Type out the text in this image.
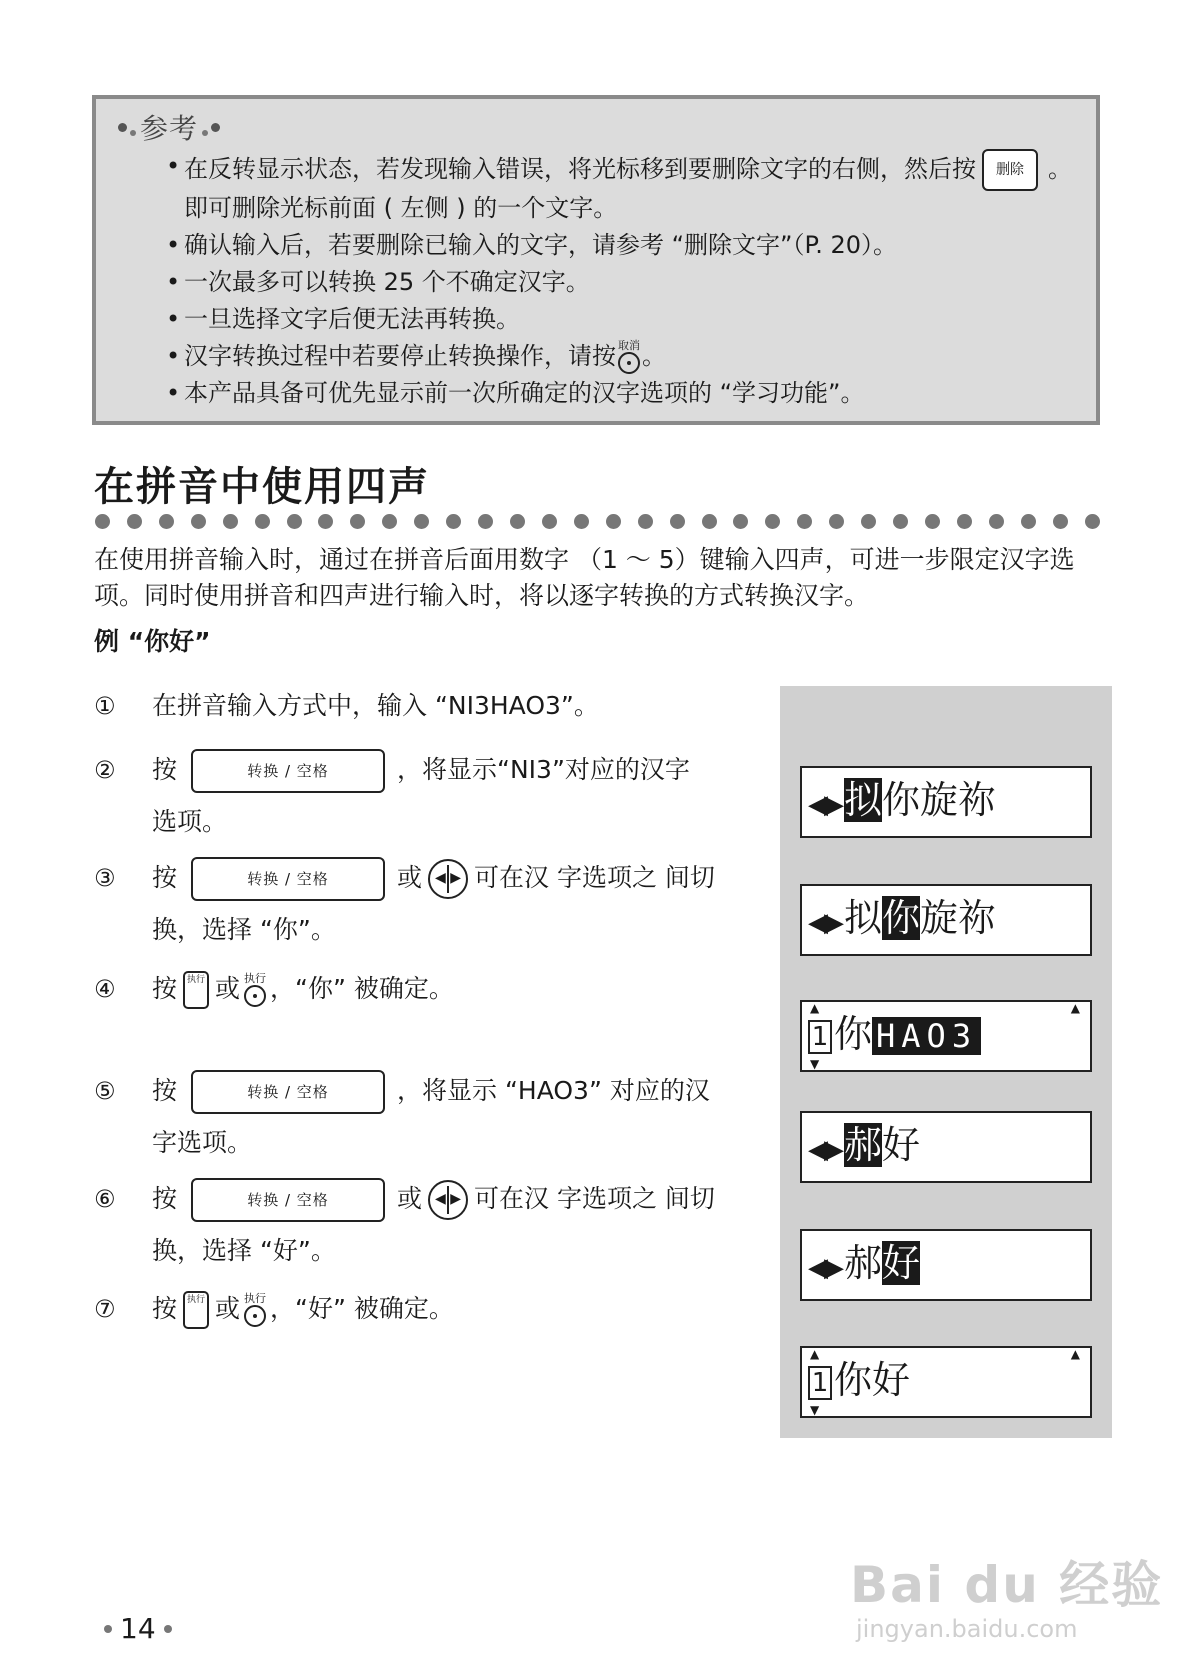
参考
• 在反转显示状态，若发现输入错误，将光标移到要删除文字的右侧，然后按 删除 。即可删除光标前面 ( 左侧 ) 的一个文字。
• 确认输入后，若要删除已输入的文字，请参考 “删除文字”（P. 20）。
• 一次最多可以转换 25 个不确定汉字。
• 一旦选择文字后便无法再转换。
• 汉字转换过程中若要停止转换操作，请按 取消 。
• 本产品具备可优先显示前一次所确定的汉字选项的 “学习功能”。
在拼音中使用四声
在使用拼音输入时，通过在拼音后面用数字 （1 ～ 5）键输入四声，可进一步限定汉字选项。同时使用拼音和四声进行输入时，将以逐字转换的方式转换汉字。
例 “你好”
① 在拼音输入方式中，输入 “NI3HAO3”。
② 按	转换 / 空格	，将显示“NI3”对应的汉字
选项。
③ 按	转换 / 空格	或 ◀ ▶ 可在汉 字选项之 间切
换，选择 “你”。
④ 按 执行 或 执行 ，“你” 被确定。
⑤ 按	转换 / 空格	，将显示 “HAO3” 对应的汉
字选项。
⑥ 按	转换 / 空格	或 ◀ ▶ 可在汉 字选项之 间切
换，选择 “好”。
⑦ 按 执行 或 执行 ，“好” 被确定。
◀▶ 拟你旋祢
◀▶ 拟你旋祢
▲	▲
▼
1 你 HAO3
◀▶ 郝好
◀▶ 郝好
▲	▲
▼
1 你好
14
Bai du 经验
jingyan.baidu.com
